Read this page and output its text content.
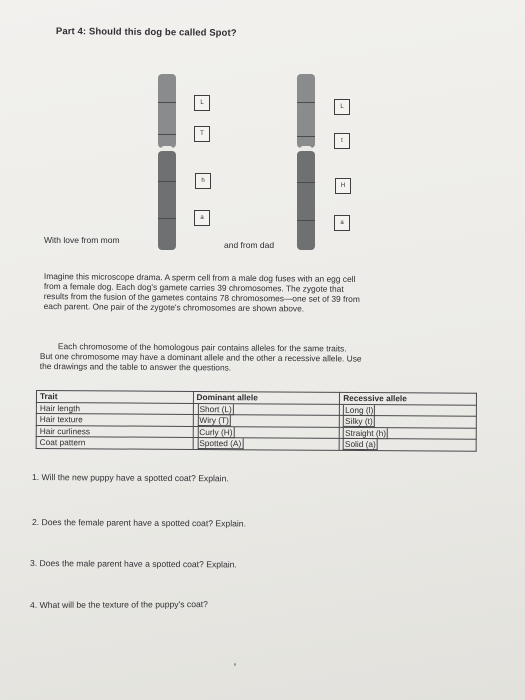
Part 4: Should this dog be called Spot?
L
T
h
a
L
t
H
a
With love from mom	and from dad
Imagine this microscope drama. A sperm cell from a male dog fuses with an egg cell
from a female dog. Each dog's gamete carries 39 chromosomes. The zygote that
results from the fusion of the gametes contains 78 chromosomes—one set of 39 from
each parent. One pair of the zygote's chromosomes are shown above.
Each chromosome of the homologous pair contains alleles for the same traits.
But one chromosome may have a dominant allele and the other a recessive allele. Use
the drawings and the table to answer the questions.
Trait	Dominant allele	Recessive allele
Hair length	Short (L)	Long (l)
Hair texture	Wiry (T)	Silky (t)
Hair curliness	Curly (H)	Straight (h)
Coat pattern	Spotted (A)	Solid (a)
1. Will the new puppy have a spotted coat? Explain.
2. Does the female parent have a spotted coat? Explain.
3. Does the male parent have a spotted coat? Explain.
4. What will be the texture of the puppy's coat?
